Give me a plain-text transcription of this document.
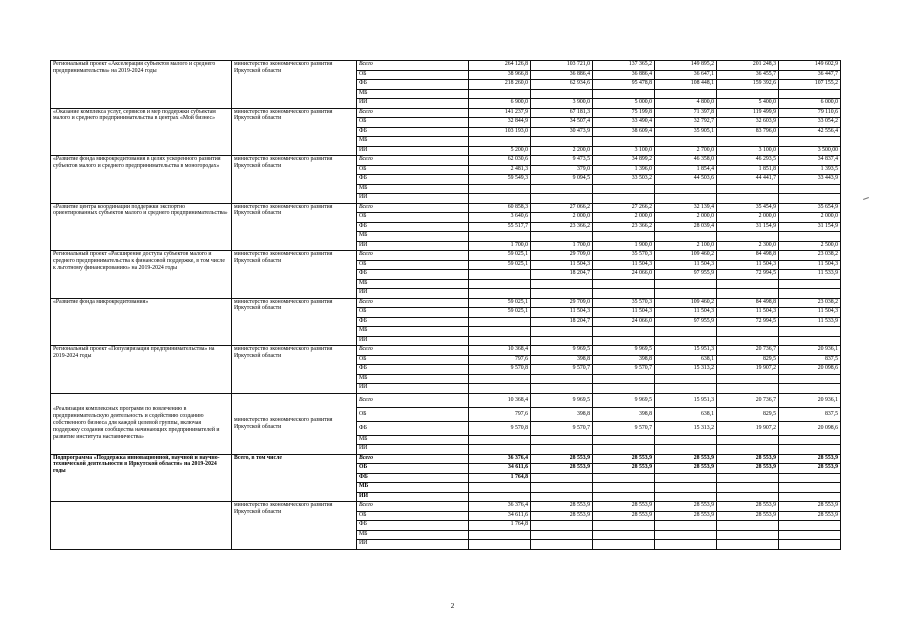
Региональный проект «Акселерация субъектов малого и среднего предпринимательства» на 2019-2024 годы	министерство экономического развития Иркутской области	Всего	264 126,8	103 721,0	137 365,2	149 895,2	201 248,3	149 602,9
		ОБ	38 966,8	36 886,4	36 886,4	36 647,1	36 455,7	36 447,7
		ФБ	218 260,0	62 934,6	95 478,8	108 448,1	159 392,6	107 155,2
		МБ						
		ИИ	6 900,0	3 900,0	5 000,0	4 800,0	5 400,0	6 000,0
«Оказание комплекса услуг, сервисов и мер поддержки субъектам малого и среднего предпринимательства в центрах «Мой бизнес»	министерство экономического развития Иркутской области	Всего	141 237,9	67 181,3	75 199,8	71 397,8	119 499,9	79 110,6
		ОБ	32 844,9	34 507,4	33 490,4	32 792,7	32 603,9	33 054,2
		ФБ	103 193,0	30 473,9	38 609,4	35 905,1	83 796,0	42 556,4
		МБ						
		ИИ	5 200,0	2 200,0	3 100,0	2 700,0	3 100,0	3 500,00
«Развитие фонда микрокредитования в целях ускоренного развития субъектов малого и среднего предпринимательства в моногородах»	министерство экономического развития Иркутской области	Всего	62 030,6	9 473,5	34 899,2	46 358,0	46 293,5	34 837,4
		ОБ	2 481,3	379,0	1 396,0	1 854,4	1 851,8	1 393,5
		ФБ	59 549,3	9 094,5	33 503,2	44 503,6	44 441,7	33 443,9
		МБ						
		ИИ						
«Развитие центра координации поддержки экспортно ориентированных субъектов малого и среднего предпринимательства»	министерство экономического развития Иркутской области	Всего	60 858,3	27 066,2	27 266,2	32 139,4	35 454,9	35 654,9
		ОБ	3 640,6	2 000,0	2 000,0	2 000,0	2 000,0	2 000,0
		ФБ	55 517,7	23 366,2	23 366,2	28 039,4	31 154,9	31 154,9
		МБ						
		ИИ	1 700,0	1 700,0	1 900,0	2 100,0	2 300,0	2 500,0
Региональный проект «Расширение доступа субъектов малого и среднего предпринимательства к финансовой поддержке, в том числе к льготному финансированию» на 2019-2024 годы	министерство экономического развития Иркутской области	Всего	59 025,1	29 709,0	35 570,3	109 460,2	84 498,8	23 038,2
		ОБ	59 025,1	11 504,3	11 504,3	11 504,3	11 504,3	11 504,3
		ФБ		18 204,7	24 066,0	97 955,9	72 994,5	11 533,9
		МБ						
		ИИ						
«Развитие фонда микрокредитования»	министерство экономического развития Иркутской области	Всего	59 025,1	29 709,0	35 570,3	109 460,2	84 498,8	23 038,2
		ОБ	59 025,1	11 504,3	11 504,3	11 504,3	11 504,3	11 504,3
		ФБ		18 204,7	24 066,0	97 955,9	72 994,5	11 533,9
		МБ						
		ИИ						
Региональный проект «Популяризация предпринимательства» на 2019-2024 годы	министерство экономического развития Иркутской области	Всего	10 368,4	9 969,5	9 969,5	15 951,3	20 736,7	20 936,1
		ОБ	797,6	398,8	398,8	638,1	829,5	837,5
		ФБ	9 570,8	9 570,7	9 570,7	15 313,2	19 907,2	20 098,6
		МБ						
		ИИ						
«Реализация комплексных программ по вовлечению в предпринимательскую деятельность и содействию созданию собственного бизнеса для каждой целевой группы, включая поддержку создания сообщества начинающих предпринимателей и развитие института наставничества»	министерство экономического развития Иркутской области	Всего	10 368,4	9 969,5	9 969,5	15 951,3	20 736,7	20 936,1
		ОБ	797,6	398,8	398,8	638,1	829,5	837,5
		ФБ	9 570,8	9 570,7	9 570,7	15 313,2	19 907,2	20 098,6
		МБ						
		ИИ						
Подпрограмма «Поддержка инновационной, научной и научно-технической деятельности в Иркутской области» на 2019-2024 годы	Всего, в том числе	Всего	36 376,4	28 553,9	28 553,9	28 553,9	28 553,9	28 553,9
		ОБ	34 611,6	28 553,9	28 553,9	28 553,9	28 553,9	28 553,9
		ФБ	1 764,8					
		МБ						
		ИИ						
	министерство экономического развития Иркутской области	Всего	36 376,4	28 553,9	28 553,9	28 553,9	28 553,9	28 553,9
		ОБ	34 611,6	28 553,9	28 553,9	28 553,9	28 553,9	28 553,9
		ФБ	1 764,8					
		МБ						
		ИИ						
2
